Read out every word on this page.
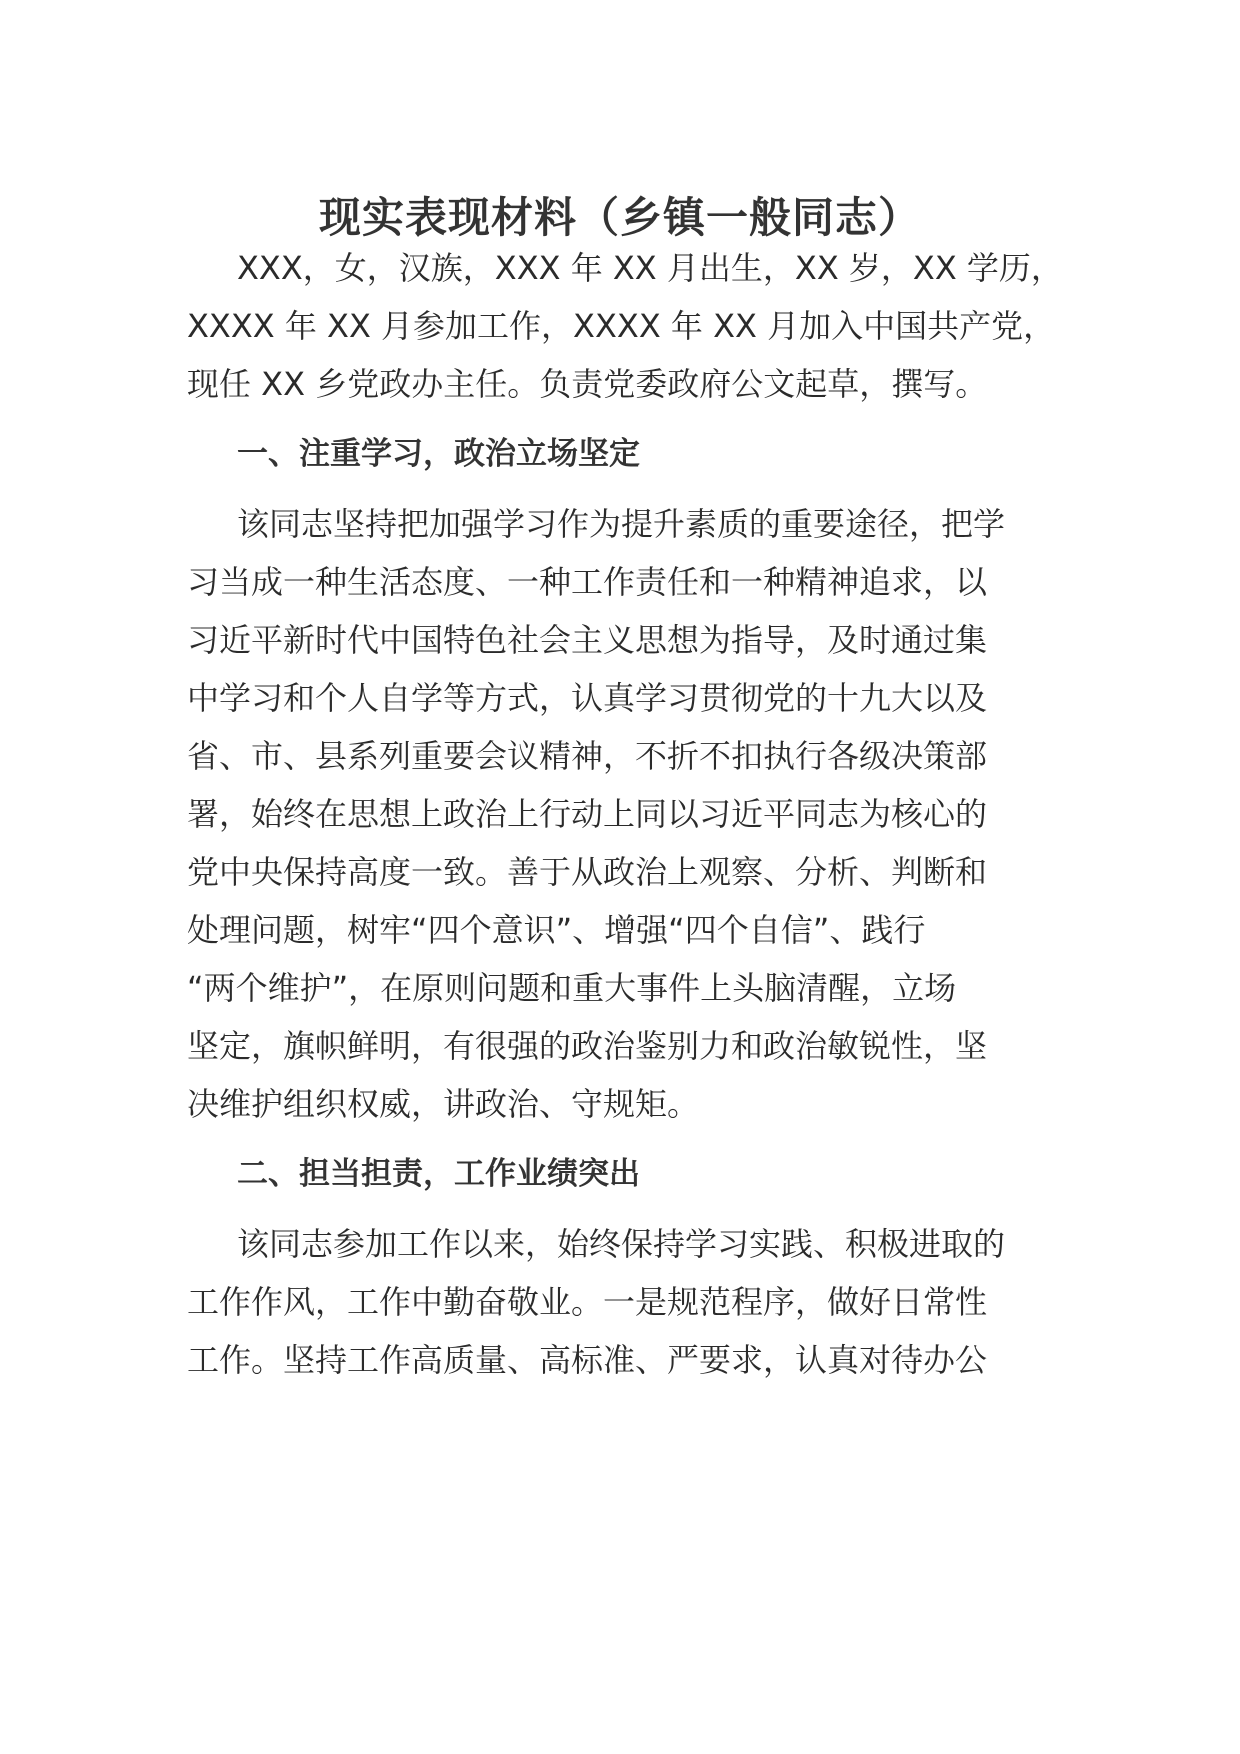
现实表现材料（乡镇一般同志）
XXX，女，汉族，XXX 年 XX 月出生，XX 岁，XX 学历，
XXXX 年 XX 月参加工作，XXXX 年 XX 月加入中国共产党，
现任 XX 乡党政办主任。负责党委政府公文起草，撰写。
一、注重学习，政治立场坚定
该同志坚持把加强学习作为提升素质的重要途径，把学
习当成一种生活态度、一种工作责任和一种精神追求，以
习近平新时代中国特色社会主义思想为指导，及时通过集
中学习和个人自学等方式，认真学习贯彻党的十九大以及
省、市、县系列重要会议精神，不折不扣执行各级决策部
署，始终在思想上政治上行动上同以习近平同志为核心的
党中央保持高度一致。善于从政治上观察、分析、判断和
处理问题，树牢“四个意识”、增强“四个自信”、践行
“两个维护”，在原则问题和重大事件上头脑清醒，立场
坚定，旗帜鲜明，有很强的政治鉴别力和政治敏锐性，坚
决维护组织权威，讲政治、守规矩。
二、担当担责，工作业绩突出
该同志参加工作以来，始终保持学习实践、积极进取的
工作作风，工作中勤奋敬业。一是规范程序，做好日常性
工作。坚持工作高质量、高标准、严要求，认真对待办公
